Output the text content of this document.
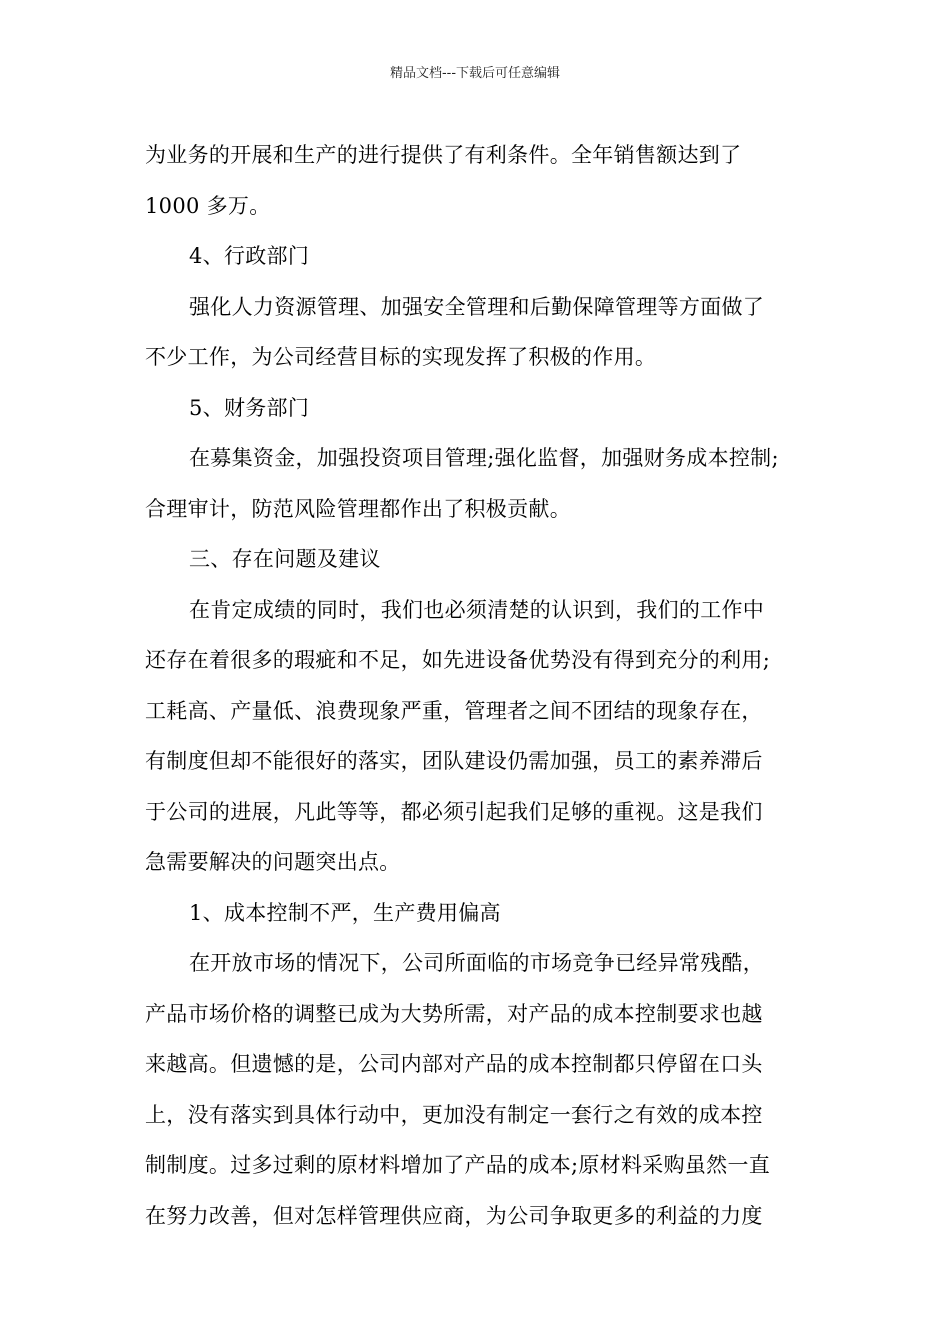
精品文档---下载后可任意编辑
为业务的开展和生产的进行提供了有利条件。全年销售额达到了
1000 多万。
4、行政部门
强化人力资源管理、加强安全管理和后勤保障管理等方面做了
不少工作，为公司经营目标的实现发挥了积极的作用。
5、财务部门
在募集资金，加强投资项目管理;强化监督，加强财务成本控制;
合理审计，防范风险管理都作出了积极贡献。
三、存在问题及建议
在肯定成绩的同时，我们也必须清楚的认识到，我们的工作中
还存在着很多的瑕疵和不足，如先进设备优势没有得到充分的利用;
工耗高、产量低、浪费现象严重，管理者之间不团结的现象存在，
有制度但却不能很好的落实，团队建设仍需加强，员工的素养滞后
于公司的进展，凡此等等，都必须引起我们足够的重视。这是我们
急需要解决的问题突出点。
1、成本控制不严，生产费用偏高
在开放市场的情况下，公司所面临的市场竞争已经异常残酷，
产品市场价格的调整已成为大势所需，对产品的成本控制要求也越
来越高。但遗憾的是，公司内部对产品的成本控制都只停留在口头
上，没有落实到具体行动中，更加没有制定一套行之有效的成本控
制制度。过多过剩的原材料增加了产品的成本;原材料采购虽然一直
在努力改善，但对怎样管理供应商，为公司争取更多的利益的力度
